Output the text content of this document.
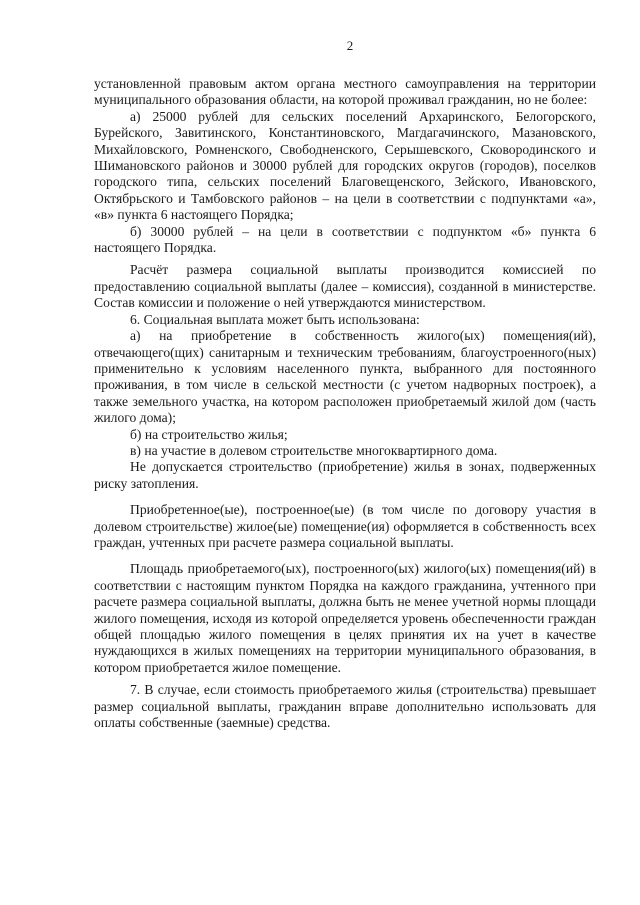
2

установленной правовым актом органа местного самоуправления на территории муниципального образования области, на которой проживал гражданин, но не более:

а) 25000 рублей для сельских поселений Архаринского, Белогорского, Бурейского, Завитинского, Константиновского, Магдагачинского, Мазановского, Михайловского, Ромненского, Свободненского, Серышевского, Сковородинского и Шимановского районов и 30000 рублей для городских округов (городов), поселков городского типа, сельских поселений Благовещенского, Зейского, Ивановского, Октябрьского и Тамбовского районов – на цели в соответствии с подпунктами «а», «в» пункта 6 настоящего Порядка;

б) 30000 рублей – на цели в соответствии с подпунктом «б» пункта 6 настоящего Порядка.

Расчёт размера социальной выплаты производится комиссией по предоставлению социальной выплаты (далее – комиссия), созданной в министерстве. Состав комиссии и положение о ней утверждаются министерством.

6. Социальная выплата может быть использована:

а) на приобретение в собственность жилого(ых) помещения(ий), отвечающего(щих) санитарным и техническим требованиям, благоустроенного(ных) применительно к условиям населенного пункта, выбранного для постоянного проживания, в том числе в сельской местности (с учетом надворных построек), а также земельного участка, на котором расположен приобретаемый жилой дом (часть жилого дома);

б) на строительство жилья;

в) на участие в долевом строительстве многоквартирного дома.

Не допускается строительство (приобретение) жилья в зонах, подверженных риску затопления.

Приобретенное(ые), построенное(ые) (в том числе по договору участия в долевом строительстве) жилое(ые) помещение(ия) оформляется в собственность всех граждан, учтенных при расчете размера социальной выплаты.

Площадь приобретаемого(ых), построенного(ых) жилого(ых) помещения(ий) в соответствии с настоящим пунктом Порядка на каждого гражданина, учтенного при расчете размера социальной выплаты, должна быть не менее учетной нормы площади жилого помещения, исходя из которой определяется уровень обеспеченности граждан общей площадью жилого помещения в целях принятия их на учет в качестве нуждающихся в жилых помещениях на территории муниципального образования, в котором приобретается жилое помещение.

7. В случае, если стоимость приобретаемого жилья (строительства) превышает размер социальной выплаты, гражданин вправе дополнительно использовать для оплаты собственные (заемные) средства.
